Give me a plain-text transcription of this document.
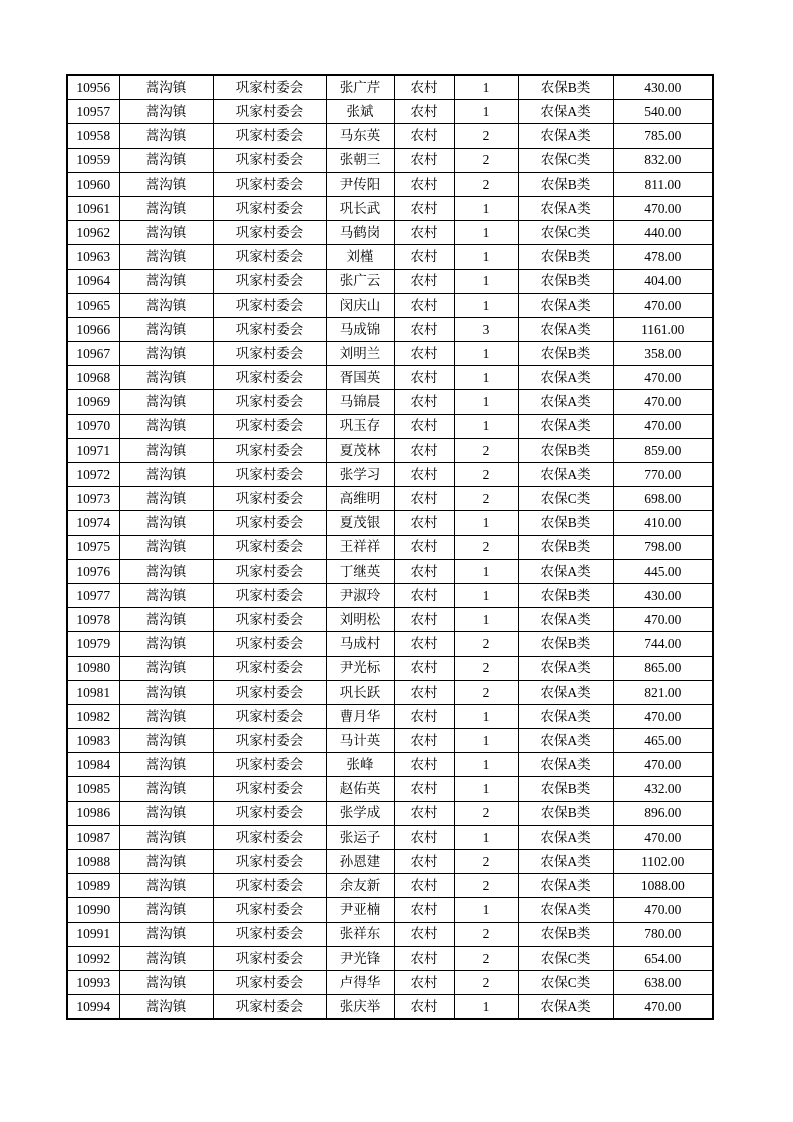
10956	蒿沟镇	巩家村委会	张广芹	农村	1	农保B类	430.00
10957	蒿沟镇	巩家村委会	张斌	农村	1	农保A类	540.00
10958	蒿沟镇	巩家村委会	马东英	农村	2	农保A类	785.00
10959	蒿沟镇	巩家村委会	张朝三	农村	2	农保C类	832.00
10960	蒿沟镇	巩家村委会	尹传阳	农村	2	农保B类	811.00
10961	蒿沟镇	巩家村委会	巩长武	农村	1	农保A类	470.00
10962	蒿沟镇	巩家村委会	马鹤岗	农村	1	农保C类	440.00
10963	蒿沟镇	巩家村委会	刘槿	农村	1	农保B类	478.00
10964	蒿沟镇	巩家村委会	张广云	农村	1	农保B类	404.00
10965	蒿沟镇	巩家村委会	闵庆山	农村	1	农保A类	470.00
10966	蒿沟镇	巩家村委会	马成锦	农村	3	农保A类	1161.00
10967	蒿沟镇	巩家村委会	刘明兰	农村	1	农保B类	358.00
10968	蒿沟镇	巩家村委会	胥国英	农村	1	农保A类	470.00
10969	蒿沟镇	巩家村委会	马锦晨	农村	1	农保A类	470.00
10970	蒿沟镇	巩家村委会	巩玉存	农村	1	农保A类	470.00
10971	蒿沟镇	巩家村委会	夏茂林	农村	2	农保B类	859.00
10972	蒿沟镇	巩家村委会	张学习	农村	2	农保A类	770.00
10973	蒿沟镇	巩家村委会	高维明	农村	2	农保C类	698.00
10974	蒿沟镇	巩家村委会	夏茂银	农村	1	农保B类	410.00
10975	蒿沟镇	巩家村委会	王祥祥	农村	2	农保B类	798.00
10976	蒿沟镇	巩家村委会	丁继英	农村	1	农保A类	445.00
10977	蒿沟镇	巩家村委会	尹淑玲	农村	1	农保B类	430.00
10978	蒿沟镇	巩家村委会	刘明松	农村	1	农保A类	470.00
10979	蒿沟镇	巩家村委会	马成村	农村	2	农保B类	744.00
10980	蒿沟镇	巩家村委会	尹光标	农村	2	农保A类	865.00
10981	蒿沟镇	巩家村委会	巩长跃	农村	2	农保A类	821.00
10982	蒿沟镇	巩家村委会	曹月华	农村	1	农保A类	470.00
10983	蒿沟镇	巩家村委会	马计英	农村	1	农保A类	465.00
10984	蒿沟镇	巩家村委会	张峰	农村	1	农保A类	470.00
10985	蒿沟镇	巩家村委会	赵佑英	农村	1	农保B类	432.00
10986	蒿沟镇	巩家村委会	张学成	农村	2	农保B类	896.00
10987	蒿沟镇	巩家村委会	张运子	农村	1	农保A类	470.00
10988	蒿沟镇	巩家村委会	孙恩建	农村	2	农保A类	1102.00
10989	蒿沟镇	巩家村委会	余友新	农村	2	农保A类	1088.00
10990	蒿沟镇	巩家村委会	尹亚楠	农村	1	农保A类	470.00
10991	蒿沟镇	巩家村委会	张祥东	农村	2	农保B类	780.00
10992	蒿沟镇	巩家村委会	尹光锋	农村	2	农保C类	654.00
10993	蒿沟镇	巩家村委会	卢得华	农村	2	农保C类	638.00
10994	蒿沟镇	巩家村委会	张庆举	农村	1	农保A类	470.00
